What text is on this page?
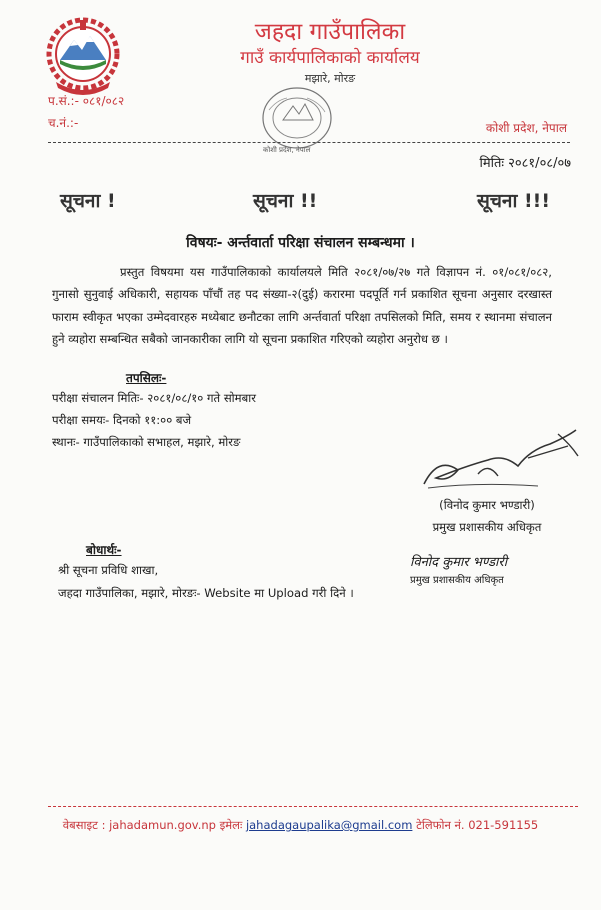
जहदा गाउँपालिका
गाउँ कार्यपालिकाको कार्यालय
मझारे, मोरङ
प.सं.:- ०८१/०८२
च.नं.:-	कोशी प्रदेश, नेपाल
कोशी प्रदेश, नेपाल
मितिः २०८१/०८/०७
सूचना !	सूचना !!	सूचना !!!
विषयः- अर्न्तवार्ता परिक्षा संचालन सम्बन्धमा ।
प्रस्तुत विषयमा यस गाउँपालिकाको कार्यालयले मिति २०८१/०७/२७ गते विज्ञापन नं. ०१/०८१/०८२, गुनासो सुनुवाई अधिकारी, सहायक पाँचौं तह पद संख्या-२(दुई) करारमा पदपूर्ति गर्न प्रकाशित सूचना अनुसार दरखास्त फाराम स्वीकृत भएका उम्मेदवारहरु मध्येबाट छनौटका लागि अर्न्तवार्ता परिक्षा तपसिलको मिति, समय र स्थानमा संचालन हुने व्यहोरा सम्बन्धित सबैको जानकारीका लागि यो सूचना प्रकाशित गरिएको व्यहोरा अनुरोध छ ।
तपसिलः-
परीक्षा संचालन मितिः- २०८१/०८/१० गते सोमबार
परीक्षा समयः- दिनको ११:०० बजे
स्थानः- गाउँपालिकाको सभाहल, मझारे, मोरङ
(विनोद कुमार भण्डारी)
प्रमुख प्रशासकीय अधिकृत
विनोद कुमार भण्डारी
प्रमुख प्रशासकीय अधिकृत
बोधार्थः-
श्री सूचना प्रविधि शाखा,
जहदा गाउँपालिका, मझारे, मोरङः- Website मा Upload गरी दिने ।
वेबसाइट : jahadamun.gov.np इमेलः jahadagaupalika@gmail.com टेलिफोन नं. 021-591155
